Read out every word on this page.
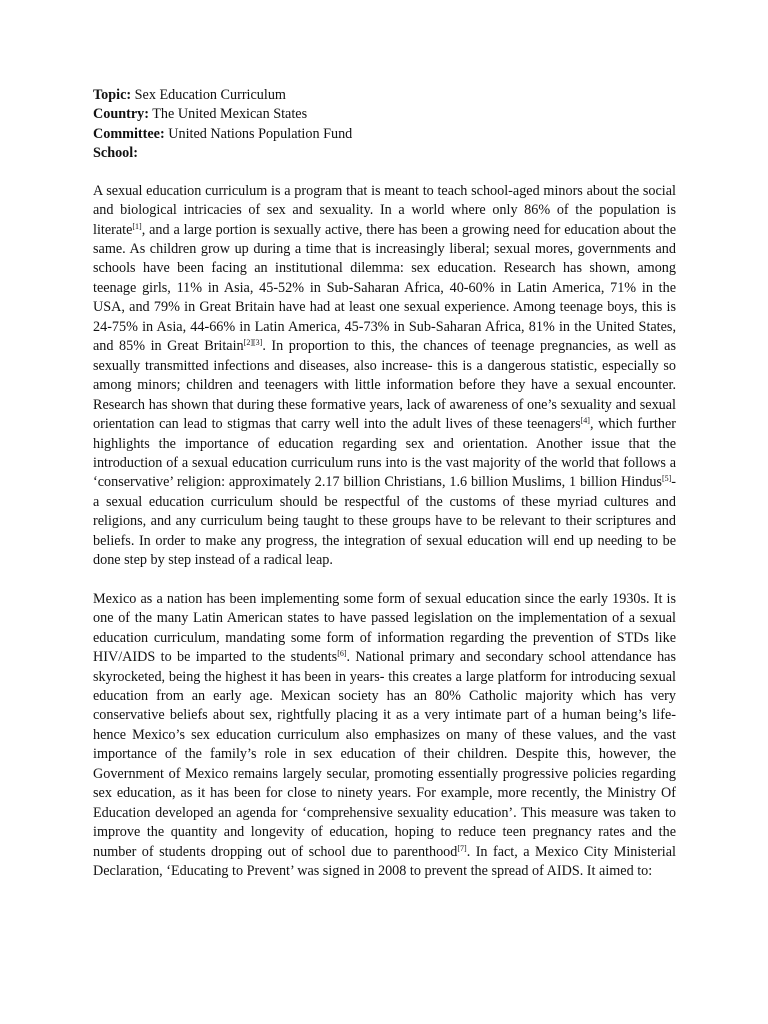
Topic: Sex Education Curriculum
Country: The United Mexican States
Committee: United Nations Population Fund
School:

A sexual education curriculum is a program that is meant to teach school-aged minors about the social and biological intricacies of sex and sexuality. In a world where only 86% of the population is literate[1], and a large portion is sexually active, there has been a growing need for education about the same. As children grow up during a time that is increasingly liberal; sexual mores, governments and schools have been facing an institutional dilemma: sex education. Research has shown, among teenage girls, 11% in Asia, 45-52% in Sub-Saharan Africa, 40-60% in Latin America, 71% in the USA, and 79% in Great Britain have had at least one sexual experience. Among teenage boys, this is 24-75% in Asia, 44-66% in Latin America, 45-73% in Sub-Saharan Africa, 81% in the United States, and 85% in Great Britain[2][3]. In proportion to this, the chances of teenage pregnancies, as well as sexually transmitted infections and diseases, also increase- this is a dangerous statistic, especially so among minors; children and teenagers with little information before they have a sexual encounter. Research has shown that during these formative years, lack of awareness of one’s sexuality and sexual orientation can lead to stigmas that carry well into the adult lives of these teenagers[4], which further highlights the importance of education regarding sex and orientation. Another issue that the introduction of a sexual education curriculum runs into is the vast majority of the world that follows a ‘conservative’ religion: approximately 2.17 billion Christians, 1.6 billion Muslims, 1 billion Hindus[5]- a sexual education curriculum should be respectful of the customs of these myriad cultures and religions, and any curriculum being taught to these groups have to be relevant to their scriptures and beliefs. In order to make any progress, the integration of sexual education will end up needing to be done step by step instead of a radical leap.

Mexico as a nation has been implementing some form of sexual education since the early 1930s. It is one of the many Latin American states to have passed legislation on the implementation of a sexual education curriculum, mandating some form of information regarding the prevention of STDs like HIV/AIDS to be imparted to the students[6]. National primary and secondary school attendance has skyrocketed, being the highest it has been in years- this creates a large platform for introducing sexual education from an early age. Mexican society has an 80% Catholic majority which has very conservative beliefs about sex, rightfully placing it as a very intimate part of a human being’s life- hence Mexico’s sex education curriculum also emphasizes on many of these values, and the vast importance of the family’s role in sex education of their children. Despite this, however, the Government of Mexico remains largely secular, promoting essentially progressive policies regarding sex education, as it has been for close to ninety years. For example, more recently, the Ministry Of Education developed an agenda for ‘comprehensive sexuality education’. This measure was taken to improve the quantity and longevity of education, hoping to reduce teen pregnancy rates and the number of students dropping out of school due to parenthood[7]. In fact, a Mexico City Ministerial Declaration, ‘Educating to Prevent’ was signed in 2008 to prevent the spread of AIDS. It aimed to:
